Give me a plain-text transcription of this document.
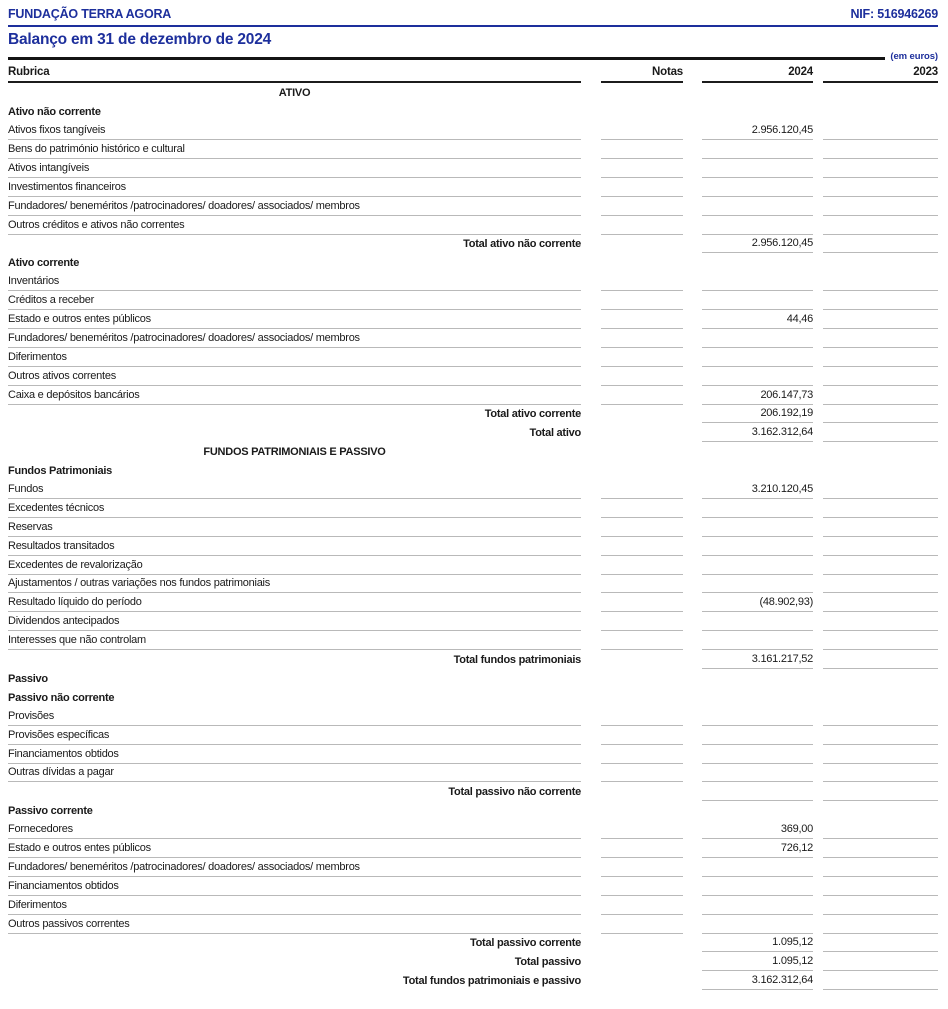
FUNDAÇÃO TERRA AGORA	NIF: 516946269
Balanço em 31 de dezembro de 2024
(em euros)
Rubrica	Notas	2024	2023
ATIVO
Ativo não corrente
Ativos fixos tangíveis	2.956.120,45
Bens do património histórico e cultural
Ativos intangíveis
Investimentos financeiros
Fundadores/ beneméritos /patrocinadores/ doadores/ associados/ membros
Outros créditos e ativos não correntes
Total ativo não corrente	2.956.120,45
Ativo corrente
Inventários
Créditos a receber
Estado e outros entes públicos	44,46
Fundadores/ beneméritos /patrocinadores/ doadores/ associados/ membros
Diferimentos
Outros ativos correntes
Caixa e depósitos bancários	206.147,73
Total ativo corrente	206.192,19
Total ativo	3.162.312,64
FUNDOS PATRIMONIAIS E PASSIVO
Fundos Patrimoniais
Fundos	3.210.120,45
Excedentes técnicos
Reservas
Resultados transitados
Excedentes de revalorização
Ajustamentos / outras variações nos fundos patrimoniais
Resultado líquido do período	(48.902,93)
Dividendos antecipados
Interesses que não controlam
Total fundos patrimoniais	3.161.217,52
Passivo
Passivo não corrente
Provisões
Provisões específicas
Financiamentos obtidos
Outras dívidas a pagar
Total passivo não corrente
Passivo corrente
Fornecedores	369,00
Estado e outros entes públicos	726,12
Fundadores/ beneméritos /patrocinadores/ doadores/ associados/ membros
Financiamentos obtidos
Diferimentos
Outros passivos correntes
Total passivo corrente	1.095,12
Total passivo	1.095,12
Total fundos patrimoniais e passivo	3.162.312,64
